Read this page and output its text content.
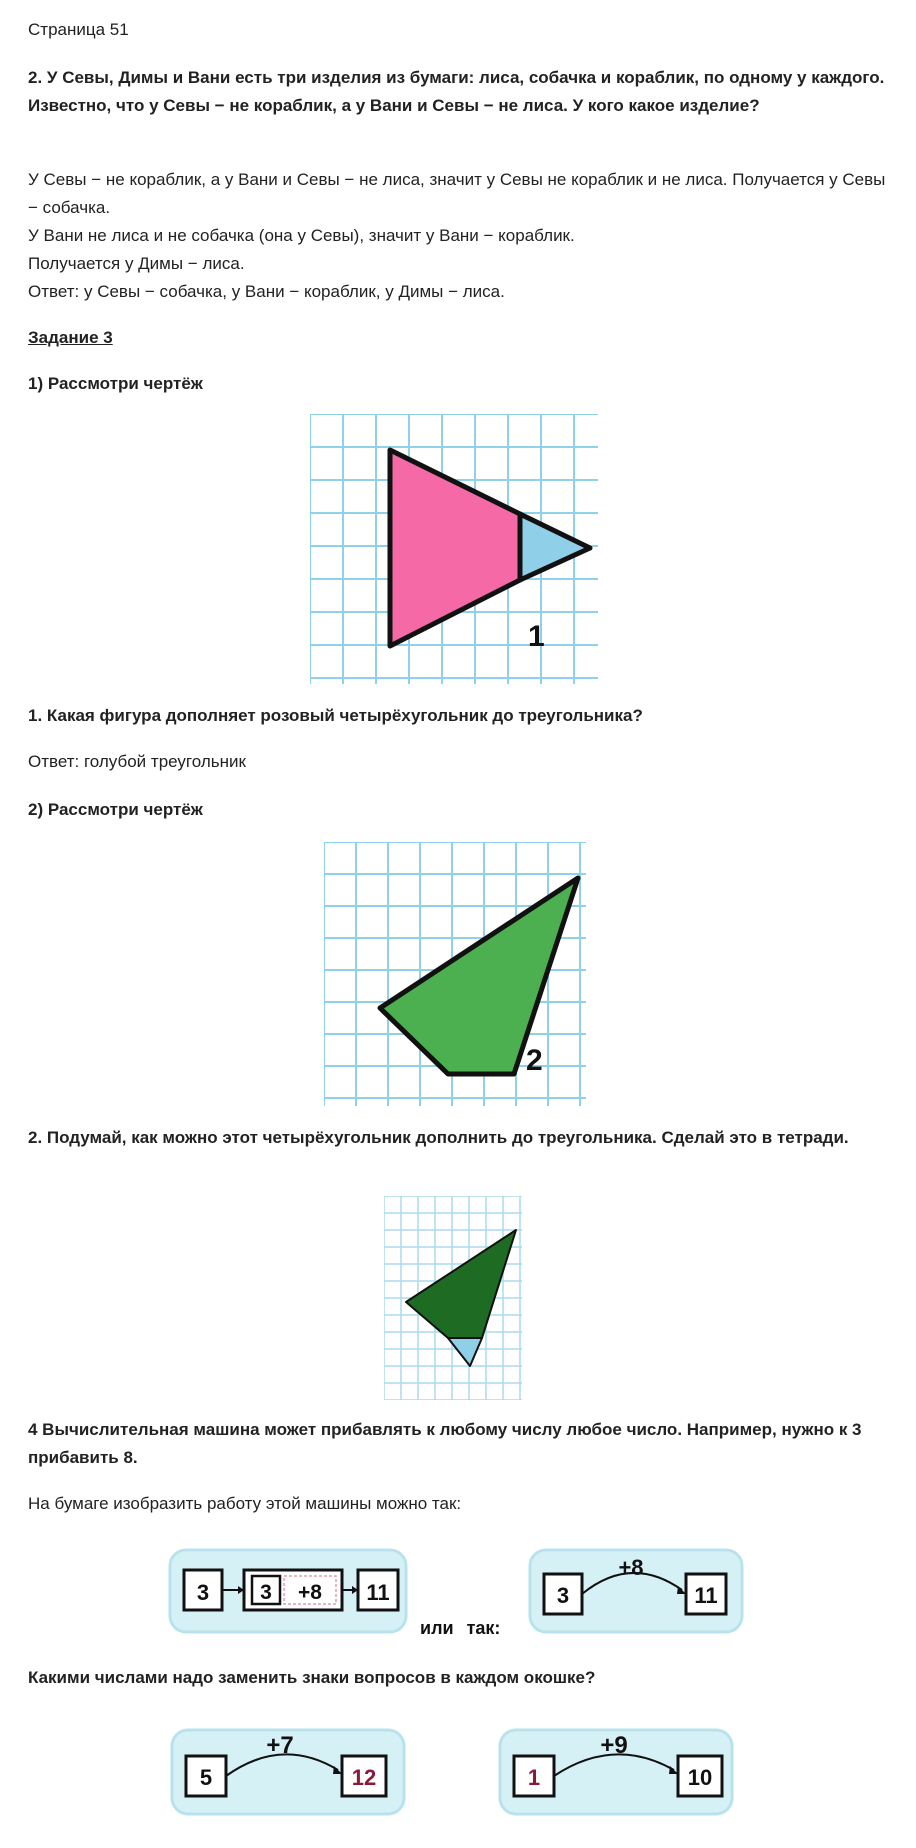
Страница 51

2. У Севы, Димы и Вани есть три изделия из бумаги: лиса, собачка и кораблик, по одному у каждого. Известно, что у Севы − не кораблик, а у Вани и Севы − не лиса. У кого какое изделие?

У Севы − не кораблик, а у Вани и Севы − не лиса, значит у Севы не кораблик и не лиса. Получается у Севы − собачка.

У Вани не лиса и не собачка (она у Севы), значит у Вани − кораблик.

Получается у Димы − лиса.

Ответ: у Севы − собачка, у Вани − кораблик, у Димы − лиса.

Задание 3

1) Рассмотри чертёж

1

1. Какая фигура дополняет розовый четырёхугольник до треугольника?

Ответ: голубой треугольник

2) Рассмотри чертёж

2

2. Подумай, как можно этот четырёхугольник дополнить до треугольника. Сделай это в тетради.

4 Вычислительная машина может прибавлять к любому числу любое число. Например, нужно к 3 прибавить 8.

На бумаге изобразить работу этой машины можно так:

3 3 +8 11
или так:
+8
3	11

Какими числами надо заменить знаки вопросов в каждом окошке?

+7
5	12
+9
1	10
